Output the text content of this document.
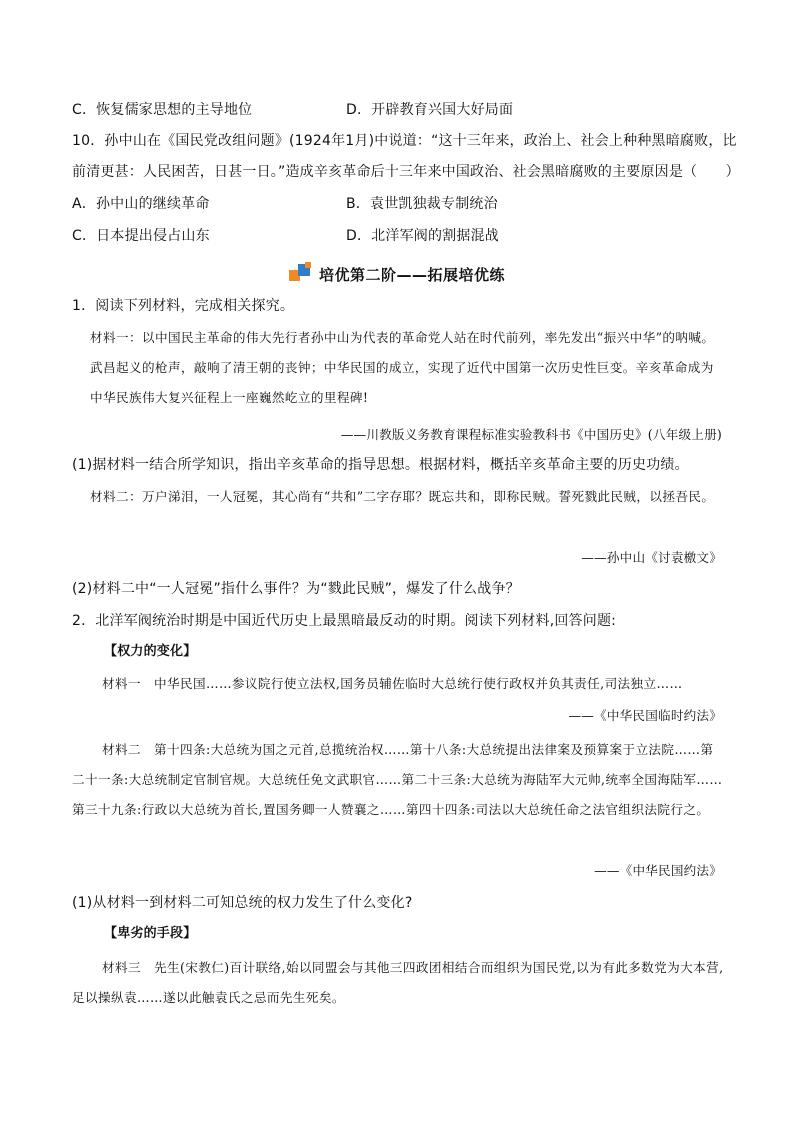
C．恢复儒家思想的主导地位	D．开辟教育兴国大好局面
10．孙中山在《国民党改组问题》(1924年1月)中说道：“这十三年来，政治上、社会上种种黑暗腐败，比
前清更甚：人民困苦，日甚一日。”造成辛亥革命后十三年来中国政治、社会黑暗腐败的主要原因是（　　）
A．孙中山的继续革命	B．袁世凯独裁专制统治
C．日本提出侵占山东	D．北洋军阀的割据混战
培优第二阶——拓展培优练
1．阅读下列材料，完成相关探究。
材料一：以中国民主革命的伟大先行者孙中山为代表的革命党人站在时代前列，率先发出“振兴中华”的呐喊。武昌起义的枪声，敲响了清王朝的丧钟；中华民国的成立，实现了近代中国第一次历史性巨变。辛亥革命成为中华民族伟大复兴征程上一座巍然屹立的里程碑!
——川教版义务教育课程标准实验教科书《中国历史》(八年级上册)
(1)据材料一结合所学知识，指出辛亥革命的指导思想。根据材料，概括辛亥革命主要的历史功绩。
材料二：万户涕泪，一人冠冕，其心尚有“共和”二字存耶？既忘共和，即称民贼。誓死戮此民贼，以拯吾民。
——孙中山《讨袁檄文》
(2)材料二中“一人冠冕”指什么事件？为“戮此民贼”，爆发了什么战争？
2．北洋军阀统治时期是中国近代历史上最黑暗最反动的时期。阅读下列材料,回答问题:
【权力的变化】
材料一　中华民国……参议院行使立法权,国务员辅佐临时大总统行使行政权并负其责任,司法独立……
——《中华民国临时约法》
材料二　第十四条:大总统为国之元首,总揽统治权……第十八条:大总统提出法律案及预算案于立法院……第二十一条:大总统制定官制官规。大总统任免文武职官……第二十三条:大总统为海陆军大元帅,统率全国海陆军……第三十九条:行政以大总统为首长,置国务卿一人赞襄之……第四十四条:司法以大总统任命之法官组织法院行之。
——《中华民国约法》
(1)从材料一到材料二可知总统的权力发生了什么变化?
【卑劣的手段】
材料三　先生(宋教仁)百计联络,始以同盟会与其他三四政团相结合而组织为国民党,以为有此多数党为大本营,足以操纵袁……遂以此触袁氏之忌而先生死矣。
